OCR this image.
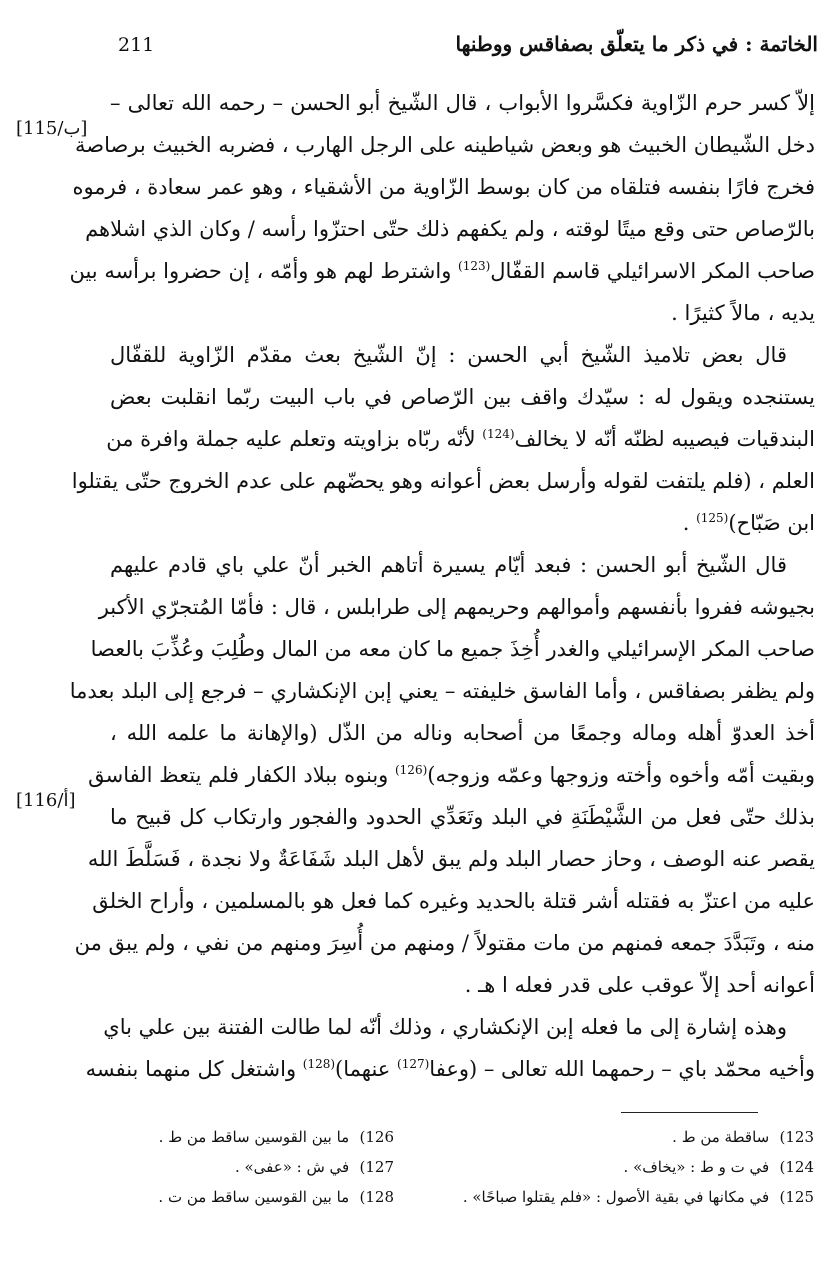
211	الخاتمة : في ذكر ما يتعلّق بصفاقس ووطنها
[115/ب]
[116/أ]
إلاّ كسر حرم الزّاوية فكسَّروا الأبواب ، قال الشّيخ أبو الحسن – رحمه الله تعالى –
دخل الشّيطان الخبيث هو وبعض شياطينه على الرجل الهارب ، فضربه الخبيث برصاصة
فخرج فارًا بنفسه فتلقاه من كان بوسط الزّاوية من الأشقياء ، وهو عمر سعادة ، فرموه
بالرّصاص حتى وقع ميتًا لوقته ، ولم يكفهم ذلك حتّى احتزّوا رأسه / وكان الذي اشلاهم
صاحب المكر الاسرائيلي قاسم القفّال$^{(123)}$ واشترط لهم هو وأمّه ، إن حضروا برأسه بين
يديه ، مالاً كثيرًا .
قال بعض تلاميذ الشّيخ أبي الحسن : إنّ الشّيخ بعث مقدّم الزّاوية للقفّال
يستنجده ويقول له : سيّدك واقف بين الرّصاص في باب البيت ربّما انقلبت بعض
البندقيات فيصيبه لظنّه أنّه لا يخالف$^{(124)}$ لأنّه ربّاه بزاويته وتعلم عليه جملة وافرة من
العلم ، (فلم يلتفت لقوله وأرسل بعض أعوانه وهو يحضّهم على عدم الخروج حتّى يقتلوا
ابن صَبّاح)$^{(125)}$ .
قال الشّيخ أبو الحسن : فبعد أيّام يسيرة أتاهم الخبر أنّ علي باي قادم عليهم
بجيوشه ففروا بأنفسهم وأموالهم وحريمهم إلى طرابلس ، قال : فأمّا المُتجرّي الأكبر
صاحب المكر الإسرائيلي والغدر أُخِذَ جميع ما كان معه من المال وطُلِبَ وعُذِّبَ بالعصا
ولم يظفر بصفاقس ، وأما الفاسق خليفته – يعني إبن الإنكشاري – فرجع إلى البلد بعدما
أخذ العدوّ أهله وماله وجمعًا من أصحابه وناله من الذّل (والإهانة ما علمه الله ،
وبقيت أمّه وأخوه وأخته وزوجها وعمّه وزوجه)$^{(126)}$ وبنوه ببلاد الكفار فلم يتعظ الفاسق
بذلك حتّى فعل من الشَّيْطَنَةِ في البلد وتَعَدِّي الحدود والفجور وارتكاب كل قبيح ما
يقصر عنه الوصف ، وحاز حصار البلد ولم يبق لأهل البلد شَفَاعَةٌ ولا نجدة ، فَسَلَّطَ الله
عليه من اعتزّ به فقتله أشر قتلة بالحديد وغيره كما فعل هو بالمسلمين ، وأراح الخلق
منه ، وتَبَدَّدَ جمعه فمنهم من مات مقتولاً / ومنهم من أُسِرَ ومنهم من نفي ، ولم يبق من
أعوانه أحد إلاّ عوقب على قدر فعله ا هـ .
وهذه إشارة إلى ما فعله إبن الإنكشاري ، وذلك أنّه لما طالت الفتنة بين علي باي
وأخيه محمّد باي – رحمهما الله تعالى – (وعفا$^{(127)}$ عنهما)$^{(128)}$ واشتغل كل منهما بنفسه
123) ساقطة من ط .
124) في ت و ط : «يخاف» .
125) في مكانها في بقية الأصول : «فلم يقتلوا صباحًا» .
126) ما بين القوسين ساقط من ط .
127) في ش : «عفى» .
128) ما بين القوسين ساقط من ت .
